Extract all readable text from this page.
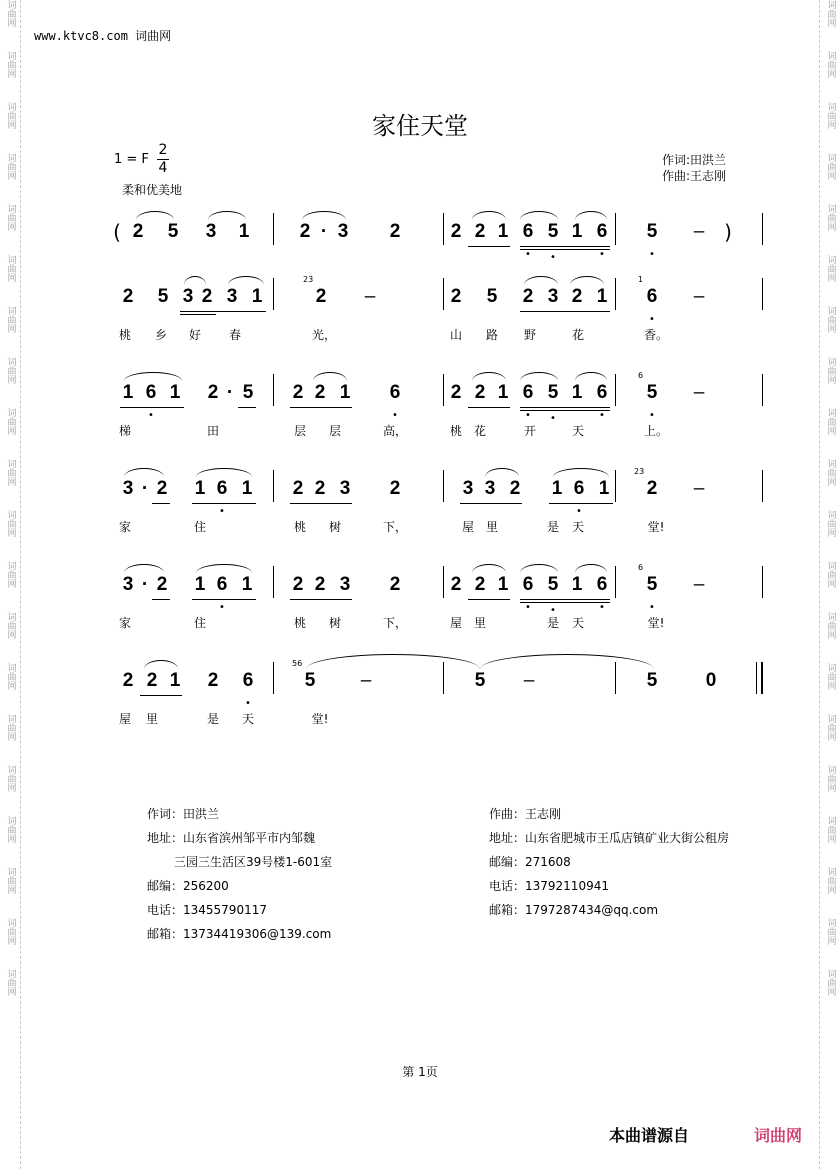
词曲网
词曲网
词曲网
词曲网
词曲网
词曲网
词曲网
词曲网
词曲网
词曲网
词曲网
词曲网
词曲网
词曲网
词曲网
词曲网
词曲网
词曲网
词曲网
词曲网
词曲网
词曲网
词曲网
词曲网
词曲网
词曲网
词曲网
词曲网
词曲网
词曲网
词曲网
词曲网
词曲网
词曲网
词曲网
词曲网
词曲网
词曲网
词曲网
词曲网
www.ktvc8.com 词曲网
家住天堂
1 = F
2
4
柔和优美地
作词:田洪兰
作曲:王志刚
( 2 5 3 1	2 · 3 2	2 2 1 6 5 1 6
• •	•
5
•
– )
2 5 3 2 3 1
23
2 –	2 5 2 3 2 1
1
6
•
–
桃 乡 好 春	光，	山 路 野	花	香。
1 6 1
•
2 · 5 2 2 1 6
•
2 2 1 6 5 1 6
• •	•
6
5
•
–
梯	田	层 层	高，	桃 花	开	天	上。
3 · 2 1 6 1
•
2 2 3 2	3 3 2 1 6 1
•
23
2 –
家	住	桃 树	下，	屋 里	是 天	堂!
3 · 2 1 6 1
•
2 2 3 2	2 2 1 6 5 1 6
• •	•
6
5
•
–
家	住	桃 树	下，	屋 里	是 天	堂!
2 2 1 2 6
•
56
5 –	5 –	5	0
屋 里	是 天	堂!
作词：田洪兰
地址：山东省滨州邹平市内邹魏
三园三生活区39号楼1-601室
邮编：256200
电话：13455790117
邮箱：13734419306@139.com
作曲：王志刚
地址：山东省肥城市王瓜店镇矿业大街公租房
邮编：271608
电话：13792110941
邮箱：1797287434@qq.com
第 1页
本曲谱源自	词曲网
